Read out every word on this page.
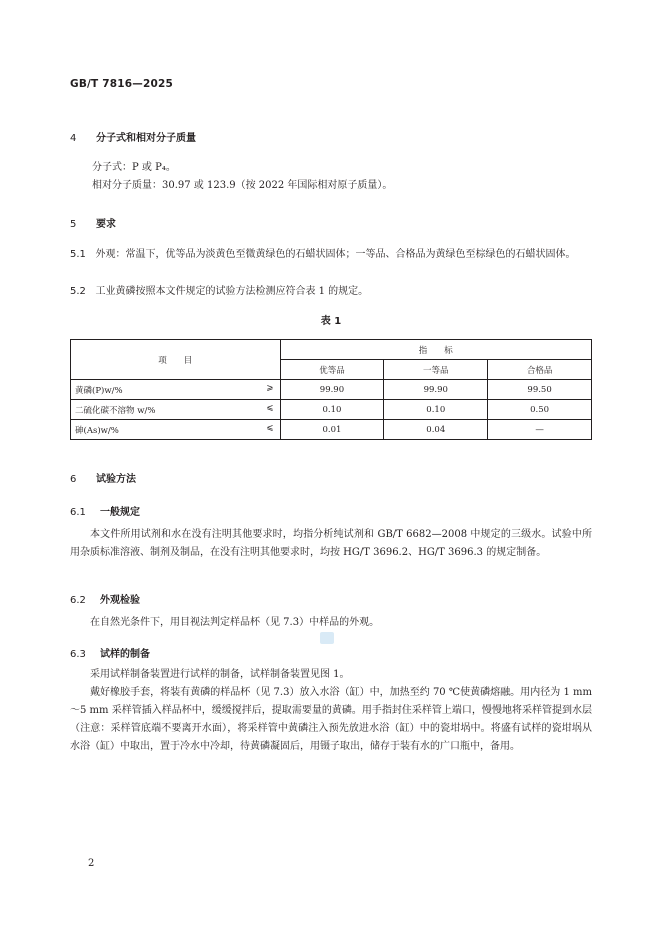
GB/T 7816—2025
4 分子式和相对分子质量
分子式：P 或 P₄。
相对分子质量：30.97 或 123.9（按 2022 年国际相对原子质量）。
5 要求
5.1 外观：常温下，优等品为淡黄色至微黄绿色的石蜡状固体；一等品、合格品为黄绿色至棕绿色的石蜡状固体。
5.2 工业黄磷按照本文件规定的试验方法检测应符合表 1 的规定。
表 1
项　　目	指　　标		
	优等品	一等品	合格品
黄磷(P)w/% ⩾	99.90	99.90	99.50
二硫化碳不溶物 w/% ⩽	0.10	0.10	0.50
砷(As)w/% ⩽	0.01	0.04	—
6 试验方法
6.1 一般规定
本文件所用试剂和水在没有注明其他要求时，均指分析纯试剂和 GB/T 6682—2008 中规定的三级水。试验中所用杂质标准溶液、制剂及制品，在没有注明其他要求时，均按 HG/T 3696.2、HG/T 3696.3 的规定制备。
6.2 外观检验
在自然光条件下，用目视法判定样品杯（见 7.3）中样品的外观。
6.3 试样的制备
采用试样制备装置进行试样的制备，试样制备装置见图 1。
戴好橡胶手套，将装有黄磷的样品杯（见 7.3）放入水浴（缸）中，加热至约 70 ℃使黄磷熔融。用内径为 1 mm～5 mm 采样管插入样品杯中，缓缓搅拌后，提取需要量的黄磷。用手指封住采样管上端口，慢慢地将采样管提到水层（注意：采样管底端不要离开水面），将采样管中黄磷注入预先放进水浴（缸）中的瓷坩埚中。将盛有试样的瓷坩埚从水浴（缸）中取出，置于冷水中冷却，待黄磷凝固后，用镊子取出，储存于装有水的广口瓶中，备用。
2
